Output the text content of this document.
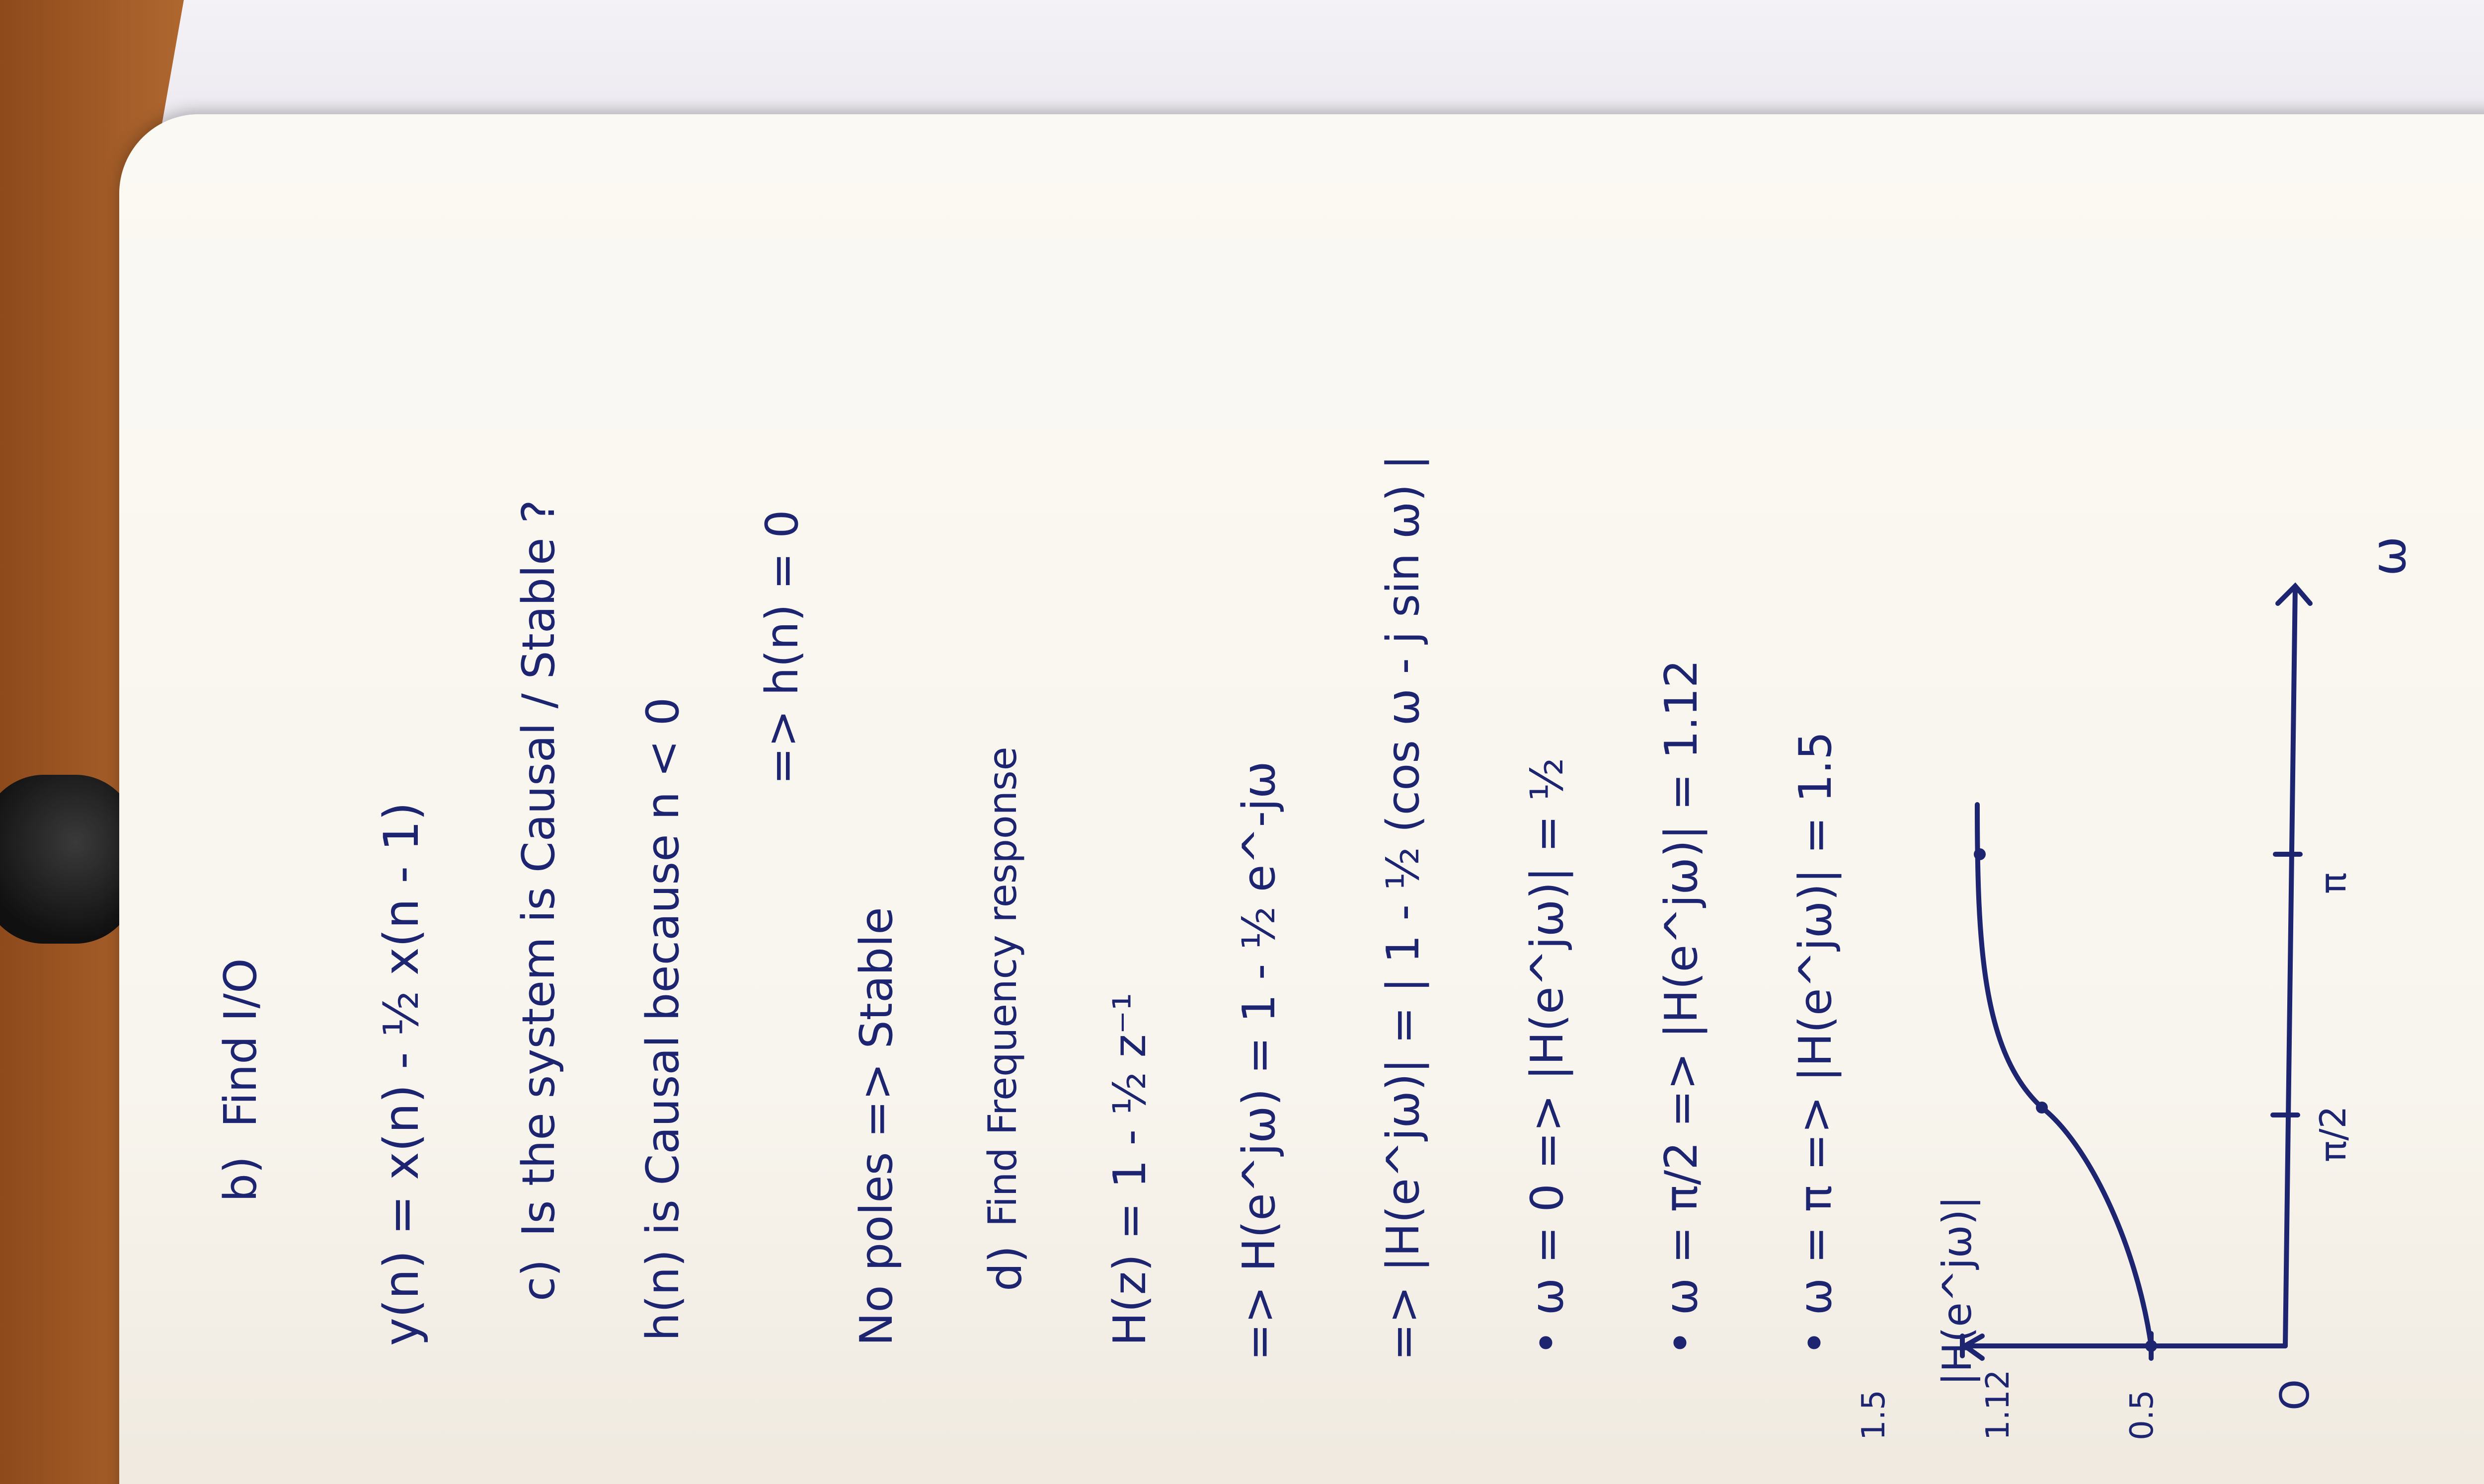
b)
Find I/O y(n) = x(n) - ½ x(n - 1) c)
Is the system is Causal / Stable ? h(n) is Causal because n < 0
=> h(n) = 0
No poles => Stable d)
Find Frequency response H(z) = 1 - ½ z⁻¹ => H(e^jω) = 1 - ½ e^-jω => |H(e^jω)| = | 1 - ½ (cos ω - j sin ω) | • ω = 0 => |H(e^jω)| = ½ • ω = π/2 => |H(e^jω)| = 1.12 • ω = π => |H(e^jω)| = 1.5 |H(e^jω)|
1.5	1.12	0.5	O
π/2
π
ω
